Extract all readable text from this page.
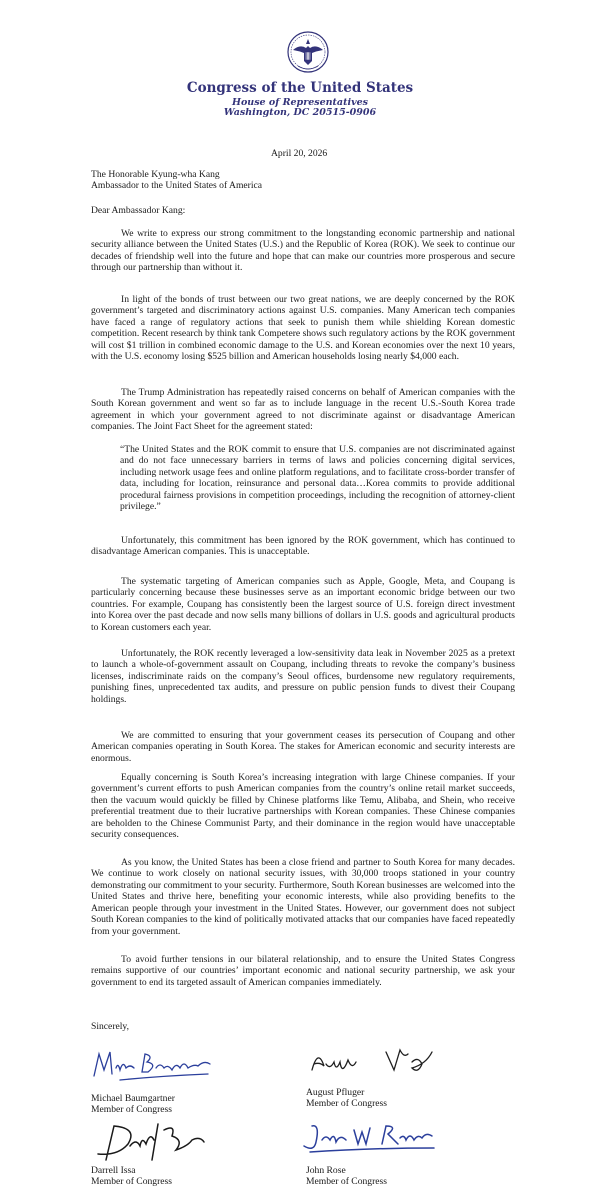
Congress of the United States
House of Representatives
Washington, DC 20515-0906
April 20, 2026
The Honorable Kyung-wha Kang
Ambassador to the United States of America
Dear Ambassador Kang:

We write to express our strong commitment to the longstanding economic partnership and national security alliance between the United States (U.S.) and the Republic of Korea (ROK). We seek to continue our decades of friendship well into the future and hope that can make our countries more prosperous and secure through our partnership than without it.

In light of the bonds of trust between our two great nations, we are deeply concerned by the ROK government’s targeted and discriminatory actions against U.S. companies. Many American tech companies have faced a range of regulatory actions that seek to punish them while shielding Korean domestic competition. Recent research by think tank Competere shows such regulatory actions by the ROK government will cost $1 trillion in combined economic damage to the U.S. and Korean economies over the next 10 years, with the U.S. economy losing $525 billion and American households losing nearly $4,000 each.

The Trump Administration has repeatedly raised concerns on behalf of American companies with the South Korean government and went so far as to include language in the recent U.S.-South Korea trade agreement in which your government agreed to not discriminate against or disadvantage American companies. The Joint Fact Sheet for the agreement stated:

“The United States and the ROK commit to ensure that U.S. companies are not discriminated against and do not face unnecessary barriers in terms of laws and policies concerning digital services, including network usage fees and online platform regulations, and to facilitate cross-border transfer of data, including for location, reinsurance and personal data…Korea commits to provide additional procedural fairness provisions in competition proceedings, including the recognition of attorney-client privilege.”

Unfortunately, this commitment has been ignored by the ROK government, which has continued to disadvantage American companies. This is unacceptable.

The systematic targeting of American companies such as Apple, Google, Meta, and Coupang is particularly concerning because these businesses serve as an important economic bridge between our two countries. For example, Coupang has consistently been the largest source of U.S. foreign direct investment into Korea over the past decade and now sells many billions of dollars in U.S. goods and agricultural products to Korean customers each year.

Unfortunately, the ROK recently leveraged a low-sensitivity data leak in November 2025 as a pretext to launch a whole-of-government assault on Coupang, including threats to revoke the company’s business licenses, indiscriminate raids on the company’s Seoul offices, burdensome new regulatory requirements, punishing fines, unprecedented tax audits, and pressure on public pension funds to divest their Coupang holdings.

We are committed to ensuring that your government ceases its persecution of Coupang and other American companies operating in South Korea. The stakes for American economic and security interests are enormous.

Equally concerning is South Korea’s increasing integration with large Chinese companies. If your government’s current efforts to push American companies from the country’s online retail market succeeds, then the vacuum would quickly be filled by Chinese platforms like Temu, Alibaba, and Shein, who receive preferential treatment due to their lucrative partnerships with Korean companies. These Chinese companies are beholden to the Chinese Communist Party, and their dominance in the region would have unacceptable security consequences.

As you know, the United States has been a close friend and partner to South Korea for many decades. We continue to work closely on national security issues, with 30,000 troops stationed in your country demonstrating our commitment to your security. Furthermore, South Korean businesses are welcomed into the United States and thrive here, benefiting your economic interests, while also providing benefits to the American people through your investment in the United States. However, our government does not subject South Korean companies to the kind of politically motivated attacks that our companies have faced repeatedly from your government.

To avoid further tensions in our bilateral relationship, and to ensure the United States Congress remains supportive of our countries’ important economic and national security partnership, we ask your government to end its targeted assault of American companies immediately.

Sincerely,
Michael Baumgartner
Member of Congress
August Pfluger
Member of Congress
Darrell Issa
Member of Congress
John Rose
Member of Congress
